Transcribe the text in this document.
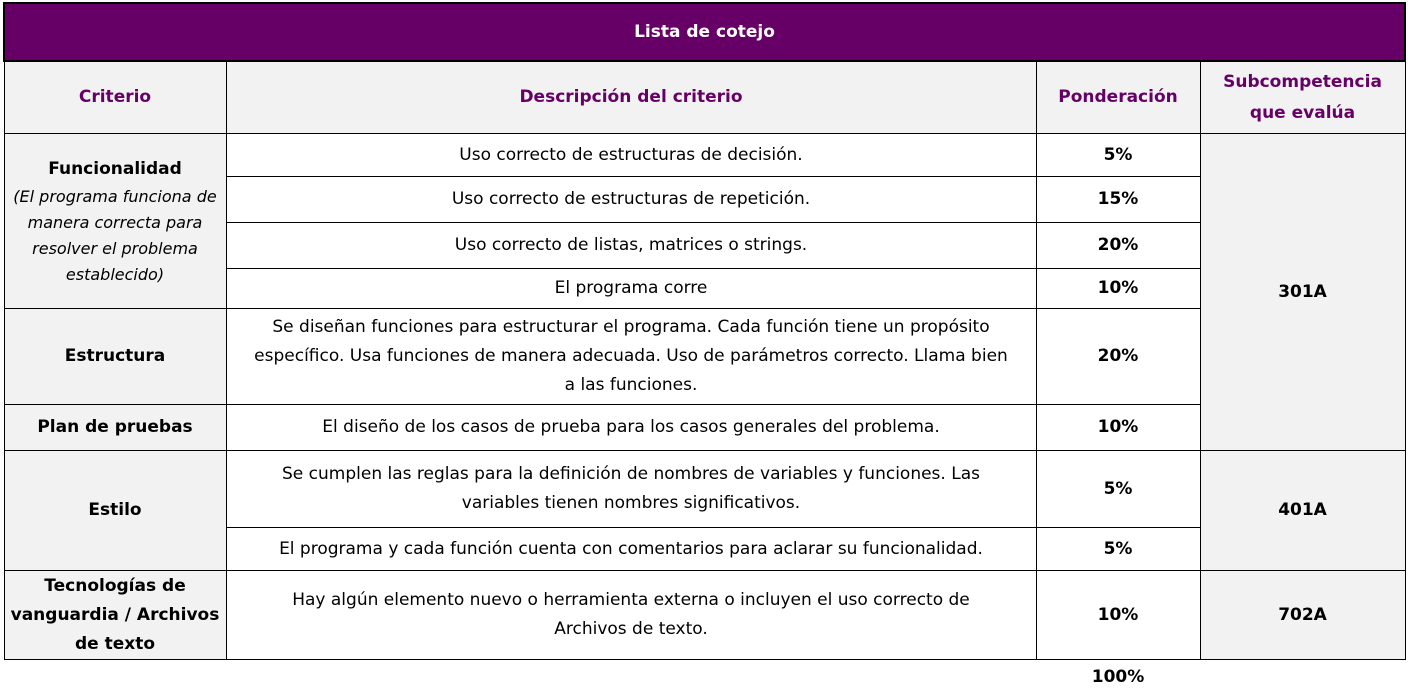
Lista de cotejo			
Criterio	Descripción del criterio	Ponderación	Subcompetencia que evalúa
Funcionalidad
(El programa funciona de manera correcta para resolver el problema establecido)	Uso correcto de estructuras de decisión.	5%	301A
	Uso correcto de estructuras de repetición.	15%	
	Uso correcto de listas, matrices o strings.	20%	
	El programa corre	10%	
Estructura	Se diseñan funciones para estructurar el programa. Cada función tiene un propósito específico. Usa funciones de manera adecuada. Uso de parámetros correcto. Llama bien a las funciones.	20%	
Plan de pruebas	El diseño de los casos de prueba para los casos generales del problema.	10%	
Estilo	Se cumplen las reglas para la definición de nombres de variables y funciones. Las variables tienen nombres significativos.	5%	401A
	El programa y cada función cuenta con comentarios para aclarar su funcionalidad.	5%	
Tecnologías de vanguardia / Archivos de texto	Hay algún elemento nuevo o herramienta externa o incluyen el uso correcto de Archivos de texto.	10%	702A
100%
